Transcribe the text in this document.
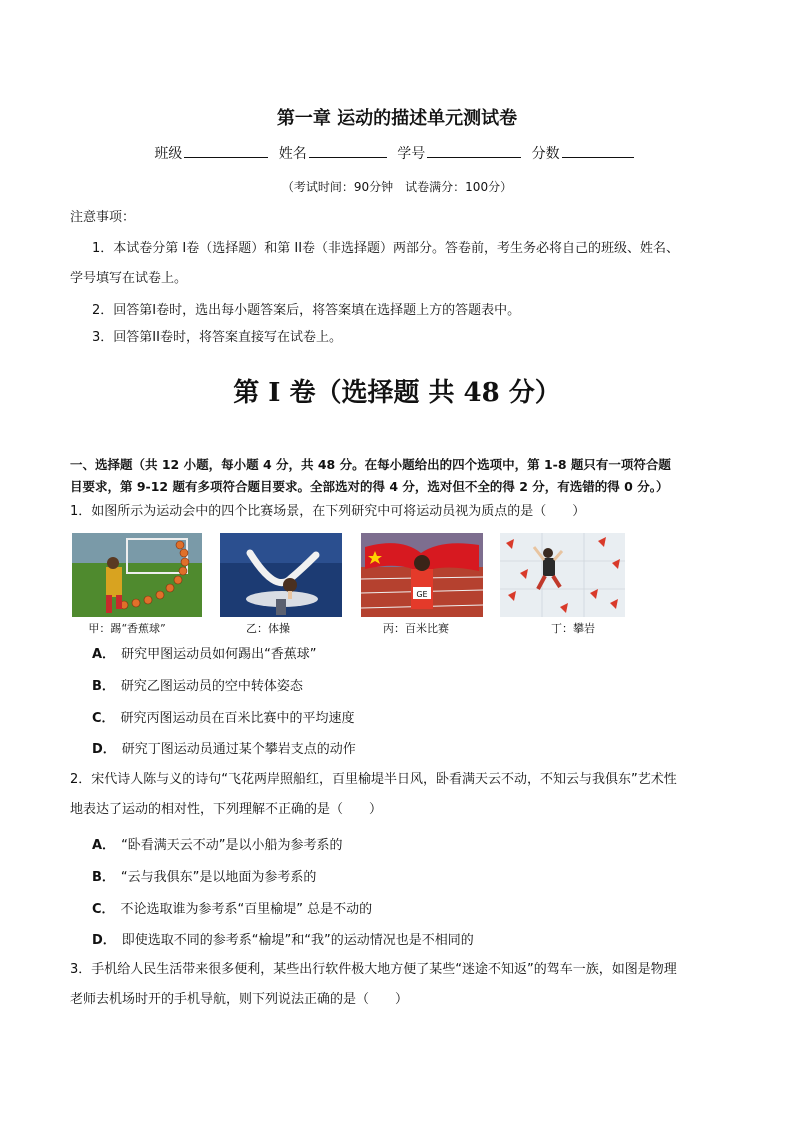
第一章 运动的描述单元测试卷
班级	姓名	学号	分数
（考试时间：90分钟　试卷满分：100分）
注意事项：
1．本试卷分第 I卷（选择题）和第 II卷（非选择题）两部分。答卷前，考生务必将自己的班级、姓名、
学号填写在试卷上。
2．回答第I卷时，选出每小题答案后，将答案填在选择题上方的答题表中。
3．回答第II卷时，将答案直接写在试卷上。
第 I 卷（选择题 共 48 分）
一、选择题（共 12 小题，每小题 4 分，共 48 分。在每小题给出的四个选项中，第 1-8 题只有一项符合题
目要求，第 9-12 题有多项符合题目要求。全部选对的得 4 分，选对但不全的得 2 分，有选错的得 0 分。）
1．如图所示为运动会中的四个比赛场景，在下列研究中可将运动员视为质点的是（　　）
甲：踢“香蕉球”	乙：体操
GE
丙：百米比赛	丁：攀岩
A． 研究甲图运动员如何踢出“香蕉球”
B． 研究乙图运动员的空中转体姿态
C． 研究丙图运动员在百米比赛中的平均速度
D． 研究丁图运动员通过某个攀岩支点的动作
2．宋代诗人陈与义的诗句“飞花两岸照船红，百里榆堤半日风，卧看满天云不动，不知云与我俱东”艺术性
地表达了运动的相对性，下列理解不正确的是（　　）
A． “卧看满天云不动”是以小船为参考系的
B． “云与我俱东”是以地面为参考系的
C． 不论选取谁为参考系“百里榆堤” 总是不动的
D． 即使选取不同的参考系“榆堤”和“我”的运动情况也是不相同的
3．手机给人民生活带来很多便利，某些出行软件极大地方便了某些“迷途不知返”的驾车一族，如图是物理
老师去机场时开的手机导航，则下列说法正确的是（　　）
